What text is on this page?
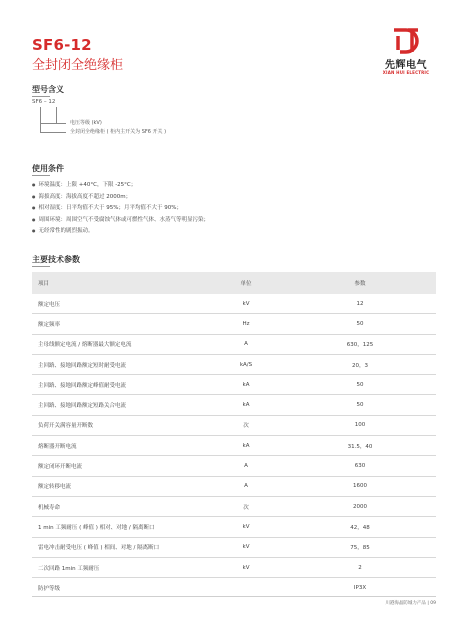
SF6-12
全封闭全绝缘柜	先辉电气
XIAN HUI ELECTRIC
型号含义
SF6 – 12
电压等级 (kV)
全封闭全绝缘柜 ( 柜内主开关为 SF6 开关 )
使用条件
● 环境温度：上限 +40°C，下限 -25°C；
● 海拔高度：海拔高度不超过 2000m；
● 相对湿度：日平均值不大于 95%；月平均值不大于 90%；
● 周围环境：周围空气不受腐蚀气体或可燃性气体、水蒸气等明显污染；
● 无经常性的剧烈振动。
主要技术参数
项目	单位	参数
额定电压	kV	12
额定频率	Hz	50
主母线额定电流 / 熔断器最大额定电流	A	630，125
主回路、接地回路额定短时耐受电流	kA/S	20，3
主回路、接地回路额定峰值耐受电流	kA	50
主回路、接地回路额定短路关合电流	kA	50
负荷开关满容量开断数	次	100
熔断器开断电流	kA	31.5，40
额定闭环开断电流	A	630
额定转移电流	A	1600
机械寿命	次	2000
1 min 工频耐压 ( 峰值 ) 相对、对地 / 隔离断口	kV	42，48
雷电冲击耐受电压 ( 峰值 ) 相间、对地 / 隔离断口	kV	75，85
二次回路 1min 工频耐压	kV	2
防护等级		IP3X
川港海晶防城力产品 | 09
